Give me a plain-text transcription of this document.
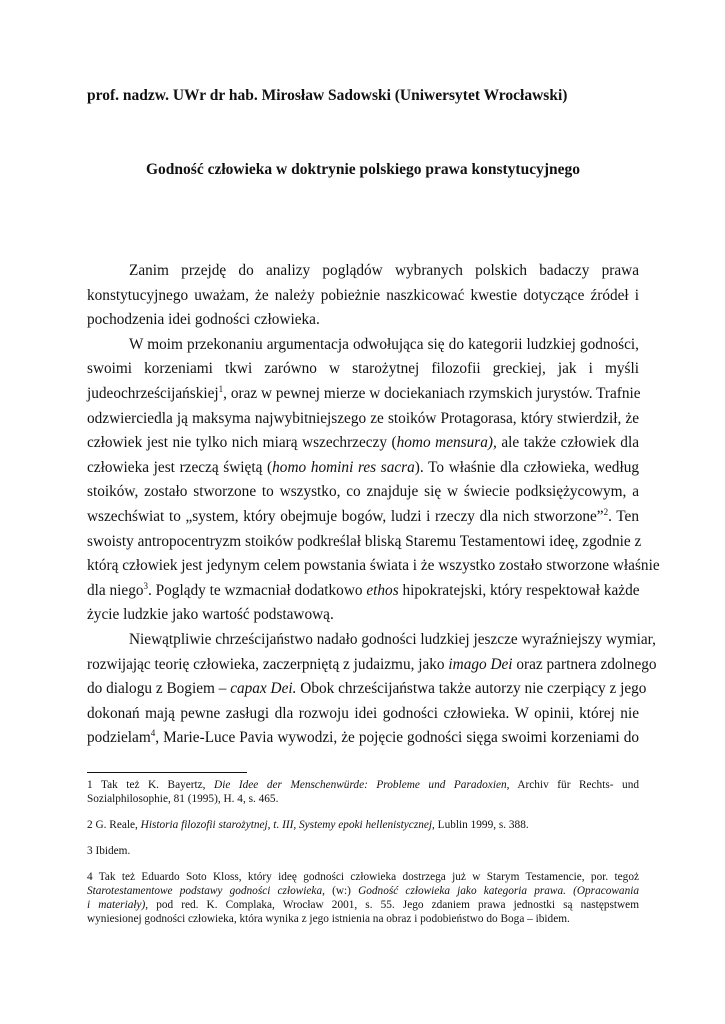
prof. nadzw. UWr dr hab. Mirosław Sadowski (Uniwersytet Wrocławski)
Godność człowieka w doktrynie polskiego prawa konstytucyjnego
Zanim przejdę do analizy poglądów wybranych polskich badaczy prawa
konstytucyjnego uważam, że należy pobieżnie naszkicować kwestie dotyczące źródeł i
pochodzenia idei godności człowieka.
W moim przekonaniu argumentacja odwołująca się do kategorii ludzkiej godności,
swoimi korzeniami tkwi zarówno w starożytnej filozofii greckiej, jak i myśli
judeochrześcijańskiej$^1$, oraz w pewnej mierze w dociekaniach rzymskich jurystów. Trafnie
odzwierciedla ją maksyma najwybitniejszego ze stoików Protagorasa, który stwierdził, że
człowiek jest nie tylko nich miarą wszechrzeczy (homo mensura), ale także człowiek dla
człowieka jest rzeczą świętą (homo homini res sacra). To właśnie dla człowieka, według
stoików, zostało stworzone to wszystko, co znajduje się w świecie podksiężycowym, a
wszechświat to „system, który obejmuje bogów, ludzi i rzeczy dla nich stworzone”$^2$. Ten
swoisty antropocentryzm stoików podkreślał bliską Staremu Testamentowi ideę, zgodnie z
którą człowiek jest jedynym celem powstania świata i że wszystko zostało stworzone właśnie
dla niego$^3$. Poglądy te wzmacniał dodatkowo ethos hipokratejski, który respektował każde
życie ludzkie jako wartość podstawową.
Niewątpliwie chrześcijaństwo nadało godności ludzkiej jeszcze wyraźniejszy wymiar,
rozwijając teorię człowieka, zaczerpniętą z judaizmu, jako imago Dei oraz partnera zdolnego
do dialogu z Bogiem – capax Dei. Obok chrześcijaństwa także autorzy nie czerpiący z jego
dokonań mają pewne zasługi dla rozwoju idei godności człowieka. W opinii, której nie
podzielam$^4$, Marie-Luce Pavia wywodzi, że pojęcie godności sięga swoimi korzeniami do
1 Tak też K. Bayertz, Die Idee der Menschenwürde: Probleme und Paradoxien, Archiv für Rechts- und
Sozialphilosophie, 81 (1995), H. 4, s. 465.
2 G. Reale, Historia filozofii starożytnej, t. III, Systemy epoki hellenistycznej, Lublin 1999, s. 388.
3 Ibidem.
4 Tak też Eduardo Soto Kloss, który ideę godności człowieka dostrzega już w Starym Testamencie, por. tegoż
Starotestamentowe podstawy godności człowieka, (w:) Godność człowieka jako kategoria prawa. (Opracowania
i materiały), pod red. K. Complaka, Wrocław 2001, s. 55. Jego zdaniem prawa jednostki są następstwem
wyniesionej godności człowieka, która wynika z jego istnienia na obraz i podobieństwo do Boga – ibidem.
